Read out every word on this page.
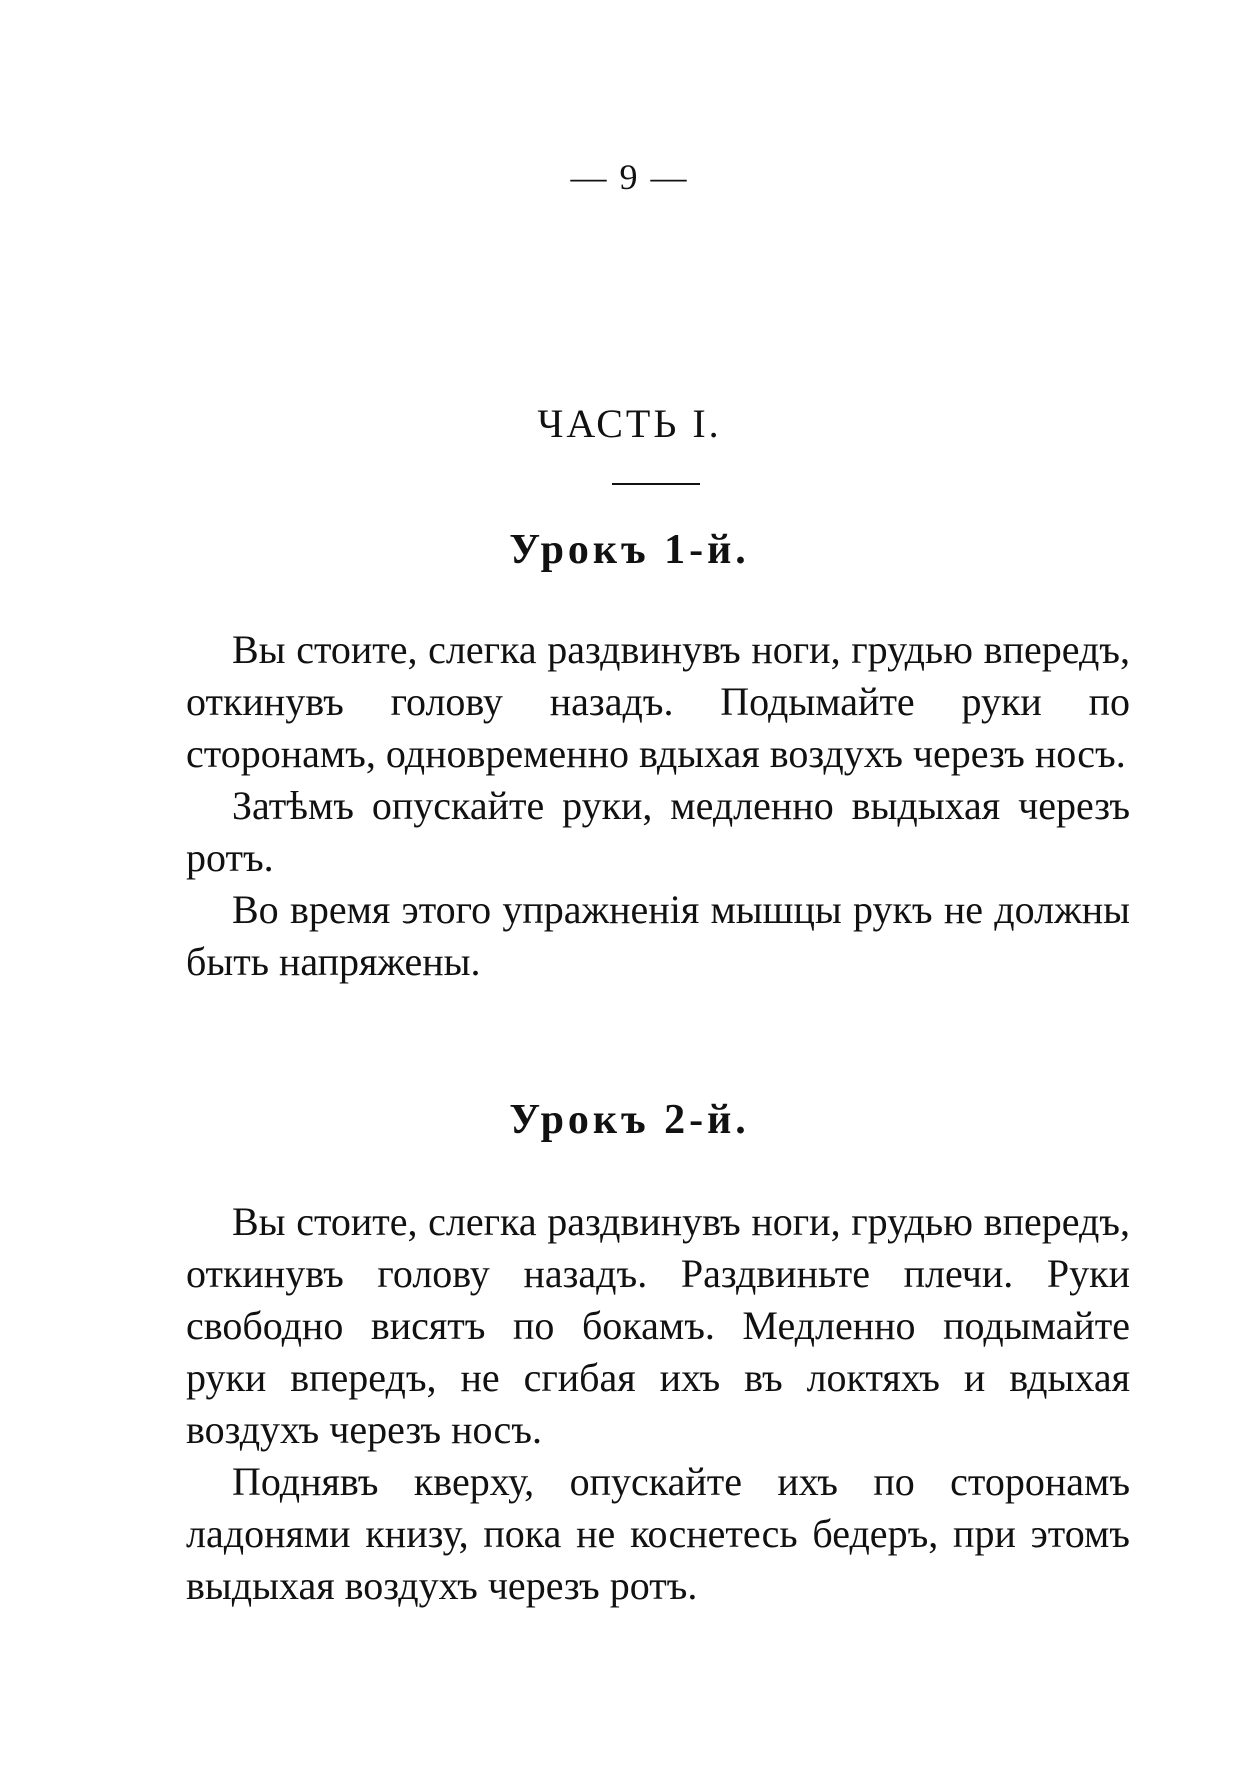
— 9 —
ЧАСТЬ I.
Урокъ 1-й.

Вы стоите, слегка раздвинувъ ноги, грудью впередъ, откинувъ голову назадъ. Подымайте руки по сторонамъ, одновременно вдыхая воздухъ черезъ носъ.

Затѣмъ опускайте руки, медленно выдыхая черезъ ротъ.

Во время этого упражненія мышцы рукъ не должны быть напряжены.

Урокъ 2-й.

Вы стоите, слегка раздвинувъ ноги, грудью впередъ, откинувъ голову назадъ. Раздвиньте плечи. Руки свободно висятъ по бокамъ. Медленно подымайте руки впередъ, не сгибая ихъ въ локтяхъ и вдыхая воздухъ черезъ носъ.

Поднявъ кверху, опускайте ихъ по сторонамъ ладонями книзу, пока не коснетесь бедеръ, при этомъ выдыхая воздухъ черезъ ротъ.
